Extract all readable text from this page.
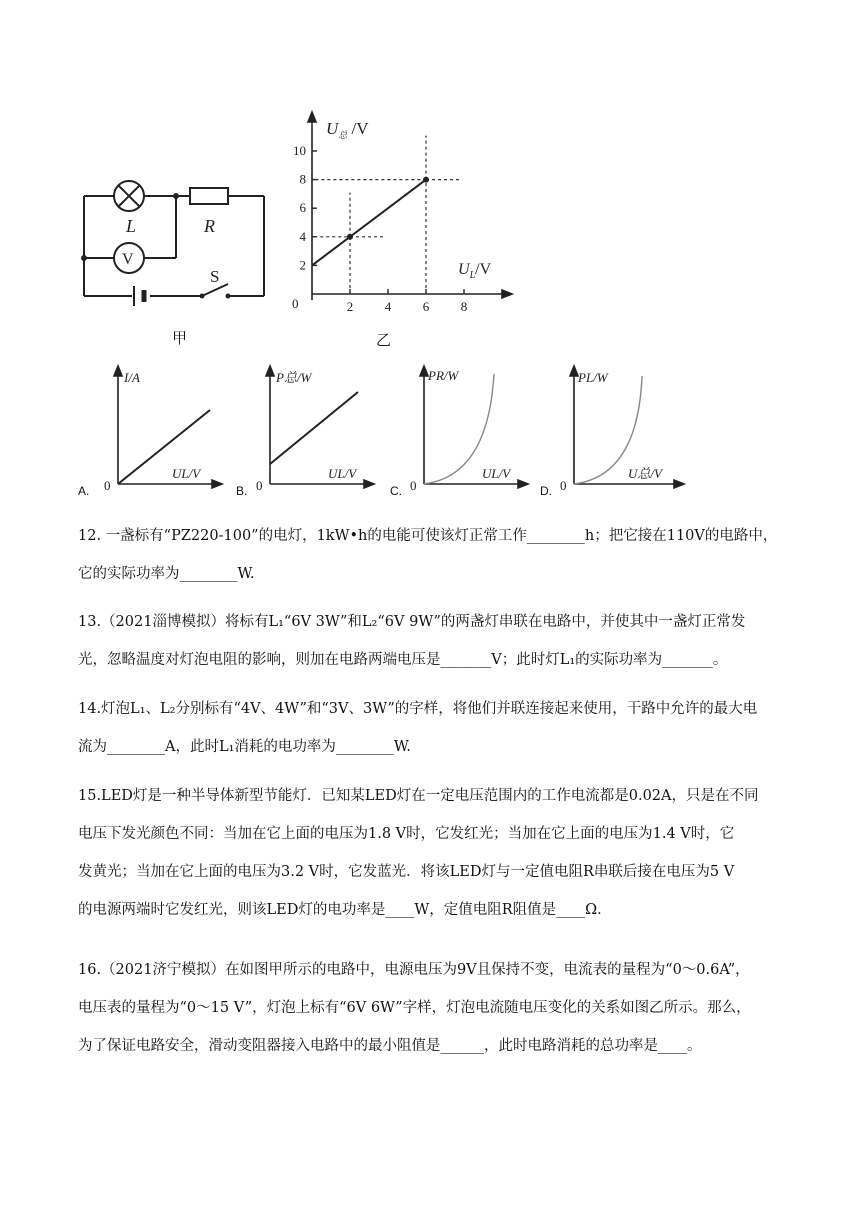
L	R
V
S
甲
2
4
6
8
10
2 4 6 8
0
$U_总$ /V
$U_L/V$
乙
A.	B.	C.	D.
I/A
UL/V
0
P总/W
UL/V
0
PR/W
UL/V
0
PL/W
U总/V
0

12. 一盏标有“PZ220-100”的电灯，1kW•h的电能可使该灯正常工作________h；把它接在110V的电路中，

它的实际功率为________W.

13.（2021淄博模拟）将标有L₁“6V 3W”和L₂“6V 9W”的两盏灯串联在电路中，并使其中一盏灯正常发

光，忽略温度对灯泡电阻的影响，则加在电路两端电压是_______V；此时灯L₁的实际功率为_______。

14.灯泡L₁、L₂分别标有“4V、4W”和“3V、3W”的字样，将他们并联连接起来使用，干路中允许的最大电

流为________A，此时L₁消耗的电功率为________W.

15.LED灯是一种半导体新型节能灯．已知某LED灯在一定电压范围内的工作电流都是0.02A，只是在不同

电压下发光颜色不同：当加在它上面的电压为1.8 V时，它发红光；当加在它上面的电压为1.4 V时，它

发黄光；当加在它上面的电压为3.2 V时，它发蓝光．将该LED灯与一定值电阻R串联后接在电压为5 V

的电源两端时它发红光，则该LED灯的电功率是____W，定值电阻R阻值是____Ω．

16.（2021济宁模拟）在如图甲所示的电路中，电源电压为9V且保持不变，电流表的量程为“0～0.6A”，

电压表的量程为“0～15 V”，灯泡上标有“6V 6W”字样，灯泡电流随电压变化的关系如图乙所示。那么，

为了保证电路安全，滑动变阻器接入电路中的最小阻值是______，此时电路消耗的总功率是____。
